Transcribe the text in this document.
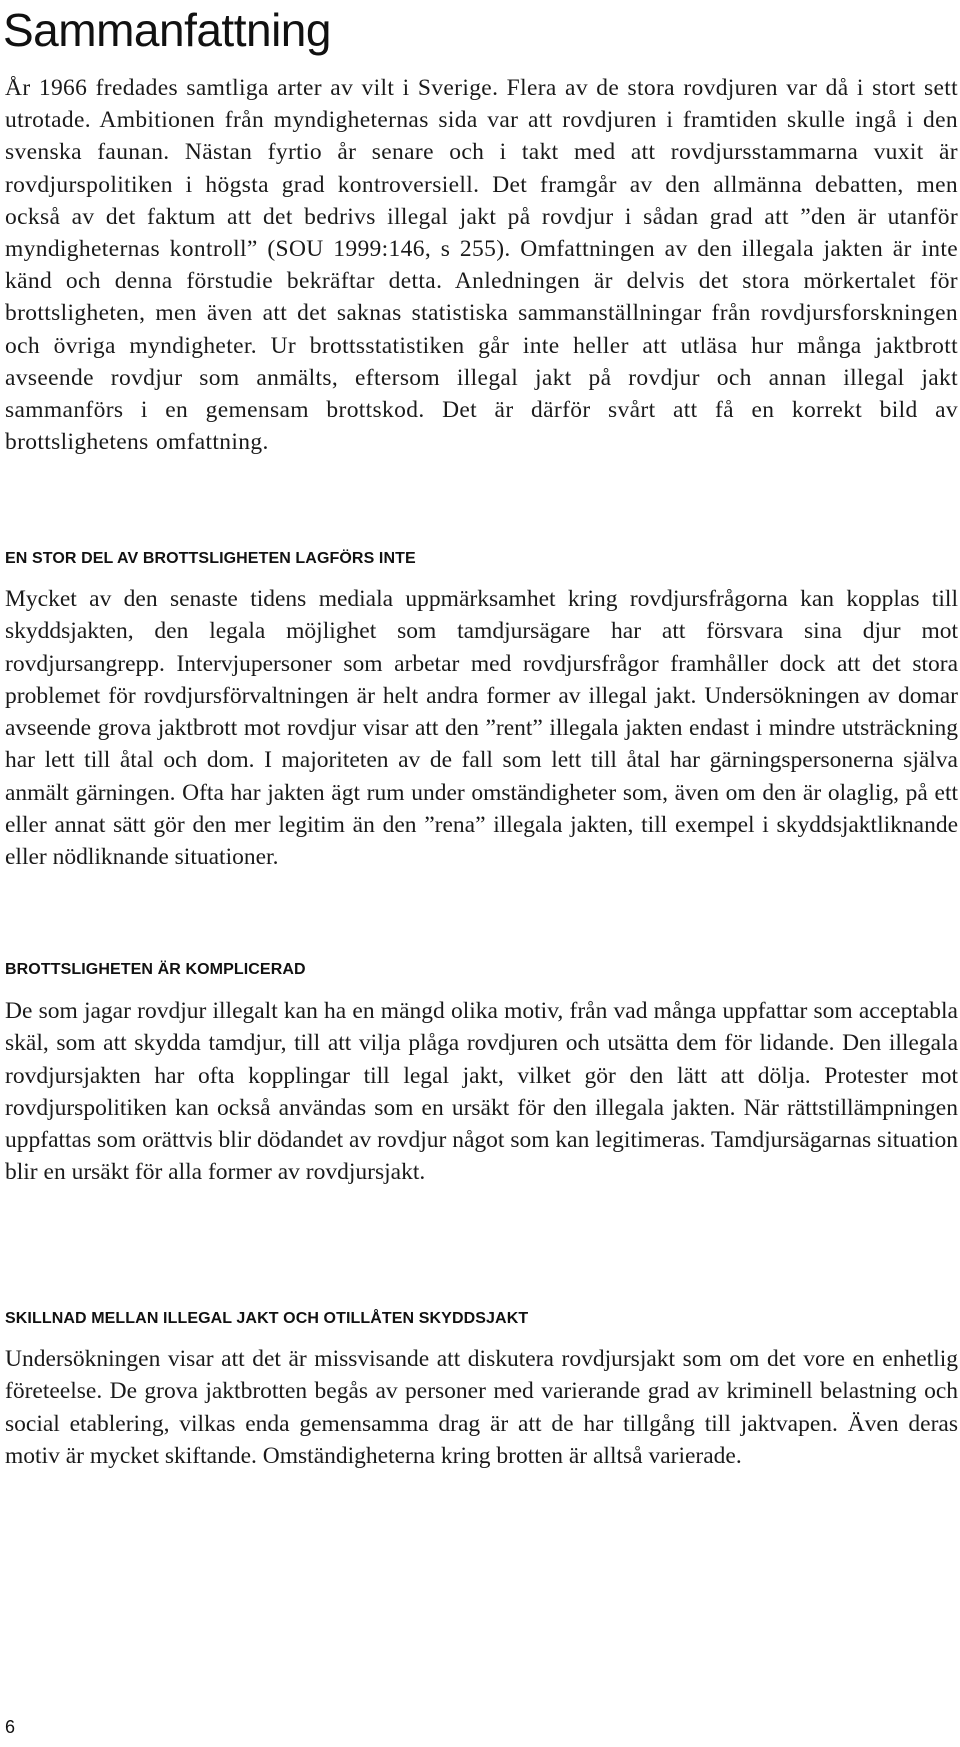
Sammanfattning

År 1966 fredades samtliga arter av vilt i Sverige. Flera av de stora rovdjuren var då i stort sett utrotade. Ambitionen från myndigheternas sida var att rovdjuren i framtiden skulle ingå i den svenska faunan. Nästan fyrtio år senare och i takt med att rovdjursstammarna vuxit är rovdjurspolitiken i högsta grad kontroversiell. Det framgår av den allmänna debatten, men också av det faktum att det bedrivs illegal jakt på rovdjur i sådan grad att ”den är utanför myndigheternas kontroll” (SOU 1999:146, s 255). Omfattningen av den illegala jakten är inte känd och denna förstudie bekräftar detta. Anledningen är delvis det stora mörkertalet för brottsligheten, men även att det saknas statistiska sammanställningar från rovdjursforskningen och övriga myndigheter. Ur brottsstatistiken går inte heller att utläsa hur många jaktbrott avseende rovdjur som anmälts, eftersom illegal jakt på rovdjur och annan illegal jakt sammanförs i en gemensam brottskod. Det är därför svårt att få en korrekt bild av brottslighetens omfattning.

EN STOR DEL AV BROTTSLIGHETEN LAGFÖRS INTE

Mycket av den senaste tidens mediala uppmärksamhet kring rovdjursfrågorna kan kopplas till skyddsjakten, den legala möjlighet som tamdjursägare har att försvara sina djur mot rovdjursangrepp. Intervjupersoner som arbetar med rovdjursfrågor framhåller dock att det stora problemet för rovdjursförvaltningen är helt andra former av illegal jakt. Undersökningen av domar avseende grova jaktbrott mot rovdjur visar att den ”rent” illegala jakten endast i mindre utsträckning har lett till åtal och dom. I majoriteten av de fall som lett till åtal har gärningspersonerna själva anmält gärningen. Ofta har jakten ägt rum under omständigheter som, även om den är olaglig, på ett eller annat sätt gör den mer legitim än den ”rena” illegala jakten, till exempel i skyddsjaktliknande eller nödliknande situationer.

BROTTSLIGHETEN ÄR KOMPLICERAD

De som jagar rovdjur illegalt kan ha en mängd olika motiv, från vad många uppfattar som acceptabla skäl, som att skydda tamdjur, till att vilja plåga rovdjuren och utsätta dem för lidande. Den illegala rovdjursjakten har ofta kopplingar till legal jakt, vilket gör den lätt att dölja. Protester mot rovdjurspolitiken kan också användas som en ursäkt för den illegala jakten. När rättstillämpningen uppfattas som orättvis blir dödandet av rovdjur något som kan legitimeras. Tamdjursägarnas situation blir en ursäkt för alla former av rovdjursjakt.

SKILLNAD MELLAN ILLEGAL JAKT OCH OTILLÅTEN SKYDDSJAKT

Undersökningen visar att det är missvisande att diskutera rovdjursjakt som om det vore en enhetlig företeelse. De grova jaktbrotten begås av personer med varierande grad av kriminell belastning och social etablering, vilkas enda gemensamma drag är att de har tillgång till jaktvapen. Även deras motiv är mycket skiftande. Omständigheterna kring brotten är alltså varierade.

6
